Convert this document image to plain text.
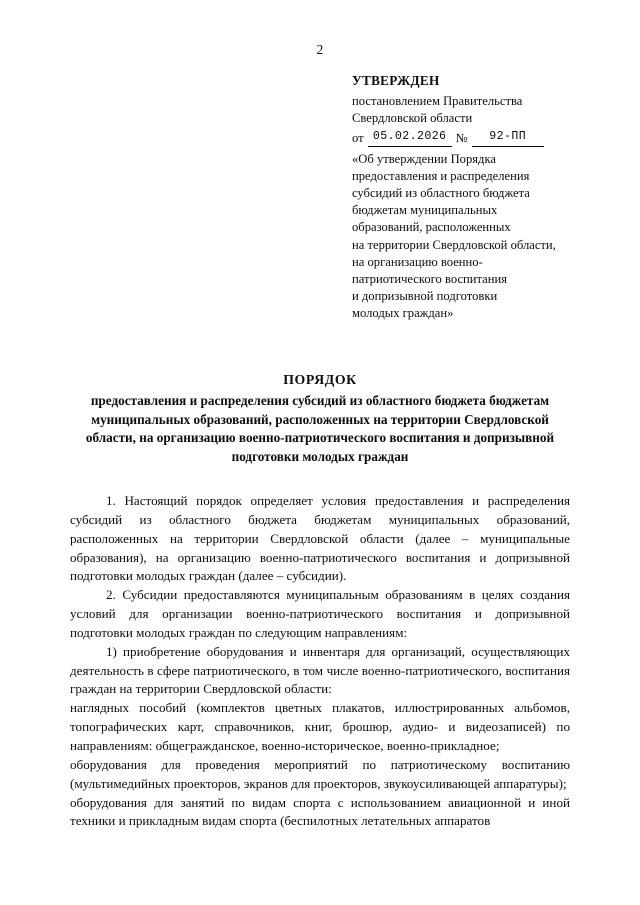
2
УТВЕРЖДЕН
постановлением Правительства
Свердловской области
от 05.02.2026 №	92-ПП
«Об утверждении Порядка
предоставления и распределения
субсидий из областного бюджета
бюджетам муниципальных
образований, расположенных
на территории Свердловской области,
на организацию военно-
патриотического воспитания
и допризывной подготовки
молодых граждан»
ПОРЯДОК
предоставления и распределения субсидий из областного бюджета бюджетам муниципальных образований, расположенных на территории Свердловской области, на организацию военно-патриотического воспитания и допризывной подготовки молодых граждан

1. Настоящий порядок определяет условия предоставления и распределения субсидий из областного бюджета бюджетам муниципальных образований, расположенных на территории Свердловской области (далее – муниципальные образования), на организацию военно-патриотического воспитания и допризывной подготовки молодых граждан (далее – субсидии).

2. Субсидии предоставляются муниципальным образованиям в целях создания условий для организации военно-патриотического воспитания и допризывной подготовки молодых граждан по следующим направлениям:

1) приобретение оборудования и инвентаря для организаций, осуществляющих деятельность в сфере патриотического, в том числе военно-патриотического, воспитания граждан на территории Свердловской области:

наглядных пособий (комплектов цветных плакатов, иллюстрированных альбомов, топографических карт, справочников, книг, брошюр, аудио- и видеозаписей) по направлениям: общегражданское, военно-историческое, военно-прикладное;

оборудования для проведения мероприятий по патриотическому воспитанию (мультимедийных проекторов, экранов для проекторов, звукоусиливающей аппаратуры);

оборудования для занятий по видам спорта с использованием авиационной и иной техники и прикладным видам спорта (беспилотных летательных аппаратов
